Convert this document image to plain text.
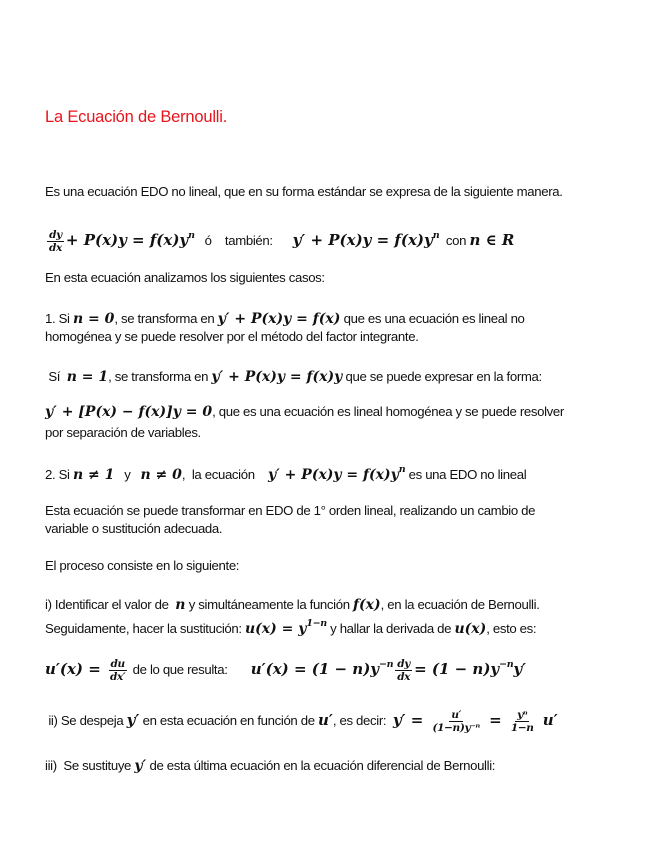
La Ecuación de Bernoulli.
Es una ecuación EDO no lineal, que en su forma estándar se expresa de la siguiente manera.
$\frac{dy}{dx} + P(x)y = f(x)y^n$   ó    también:      $y' + P(x)y = f(x)y^n$  con n ∈ R
En esta ecuación analizamos los siguientes casos:
1. Si n = 0, se transforma en y′ + P(x)y = f(x) que es una ecuación es lineal no
homogénea y se puede resolver por el método del factor integrante.
Sí  n = 1, se transforma en y′ + P(x)y = f(x)y que se puede expresar en la forma:
y′ + [P(x) − f(x)]y = 0, que es una ecuación es lineal homogénea y se puede resolver
por separación de variables.
2. Si n ≠ 1   y   n ≠ 0,  la ecuación    $y' + P(x)y = f(x)y^n$ es una EDO no lineal
Esta ecuación se puede transformar en EDO de 1° orden lineal, realizando un cambio de
variable o sustitución adecuada.
El proceso consiste en lo siguiente:
i) Identificar el valor de  n y simultáneamente la función f(x), en la ecuación de Bernoulli.
Seguidamente, hacer la sustitución: $u(x) = y^{1-n}$ y hallar la derivada de u(x), esto es:
$u'(x) = \frac{du}{dx'}$ de lo que resulta:       $u'(x) = (1 - n)y^{-n} \frac{dy}{dx} = (1 - n)y^{-n}y'$
ii) Se despeja y′ en esta ecuación en función de u′, es decir:  $y' = \frac{u'}{\text{(1−n)y⁻ⁿ}} = \frac{\text{yⁿ}}{1-n} u'$
iii)  Se sustituye y′ de esta última ecuación en la ecuación diferencial de Bernoulli:
